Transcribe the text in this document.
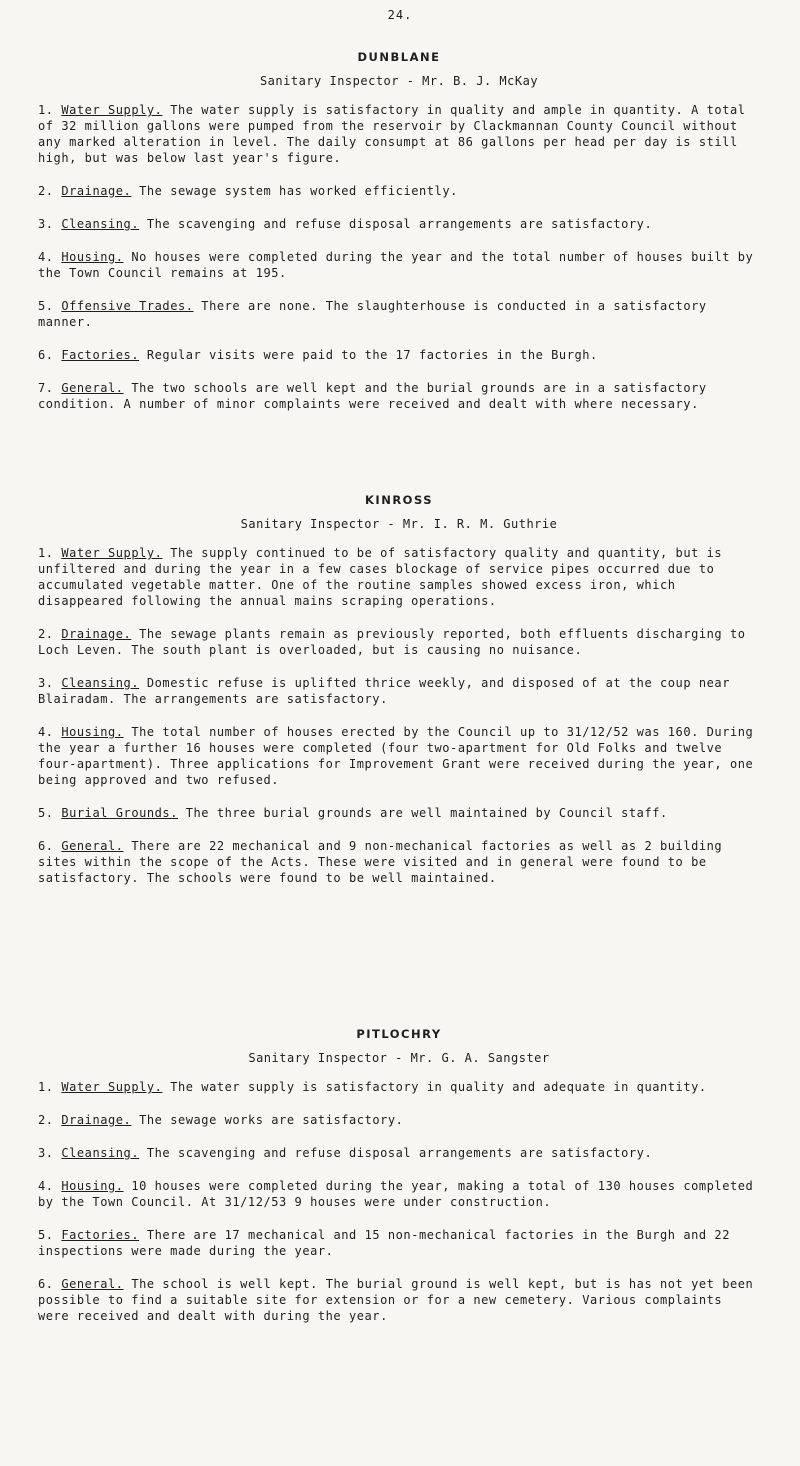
24.
DUNBLANE
Sanitary Inspector - Mr. B. J. McKay
1. Water Supply. The water supply is satisfactory in quality and ample in quantity. A total of 32 million gallons were pumped from the reservoir by Clackmannan County Council without any marked alteration in level. The daily consumpt at 86 gallons per head per day is still high, but was below last year's figure.
2. Drainage. The sewage system has worked efficiently.
3. Cleansing. The scavenging and refuse disposal arrangements are satisfactory.
4. Housing. No houses were completed during the year and the total number of houses built by the Town Council remains at 195.
5. Offensive Trades. There are none. The slaughterhouse is conducted in a satisfactory manner.
6. Factories. Regular visits were paid to the 17 factories in the Burgh.
7. General. The two schools are well kept and the burial grounds are in a satisfactory condition. A number of minor complaints were received and dealt with where necessary.
KINROSS
Sanitary Inspector - Mr. I. R. M. Guthrie
1. Water Supply. The supply continued to be of satisfactory quality and quantity, but is unfiltered and during the year in a few cases blockage of service pipes occurred due to accumulated vegetable matter. One of the routine samples showed excess iron, which disappeared following the annual mains scraping operations.
2. Drainage. The sewage plants remain as previously reported, both effluents discharging to Loch Leven. The south plant is overloaded, but is causing no nuisance.
3. Cleansing. Domestic refuse is uplifted thrice weekly, and disposed of at the coup near Blairadam. The arrangements are satisfactory.
4. Housing. The total number of houses erected by the Council up to 31/12/52 was 160. During the year a further 16 houses were completed (four two-apartment for Old Folks and twelve four-apartment). Three applications for Improvement Grant were received during the year, one being approved and two refused.
5. Burial Grounds. The three burial grounds are well maintained by Council staff.
6. General. There are 22 mechanical and 9 non-mechanical factories as well as 2 building sites within the scope of the Acts. These were visited and in general were found to be satisfactory. The schools were found to be well maintained.
PITLOCHRY
Sanitary Inspector - Mr. G. A. Sangster
1. Water Supply. The water supply is satisfactory in quality and adequate in quantity.
2. Drainage. The sewage works are satisfactory.
3. Cleansing. The scavenging and refuse disposal arrangements are satisfactory.
4. Housing. 10 houses were completed during the year, making a total of 130 houses completed by the Town Council. At 31/12/53 9 houses were under construction.
5. Factories. There are 17 mechanical and 15 non-mechanical factories in the Burgh and 22 inspections were made during the year.
6. General. The school is well kept. The burial ground is well kept, but is has not yet been possible to find a suitable site for extension or for a new cemetery. Various complaints were received and dealt with during the year.
